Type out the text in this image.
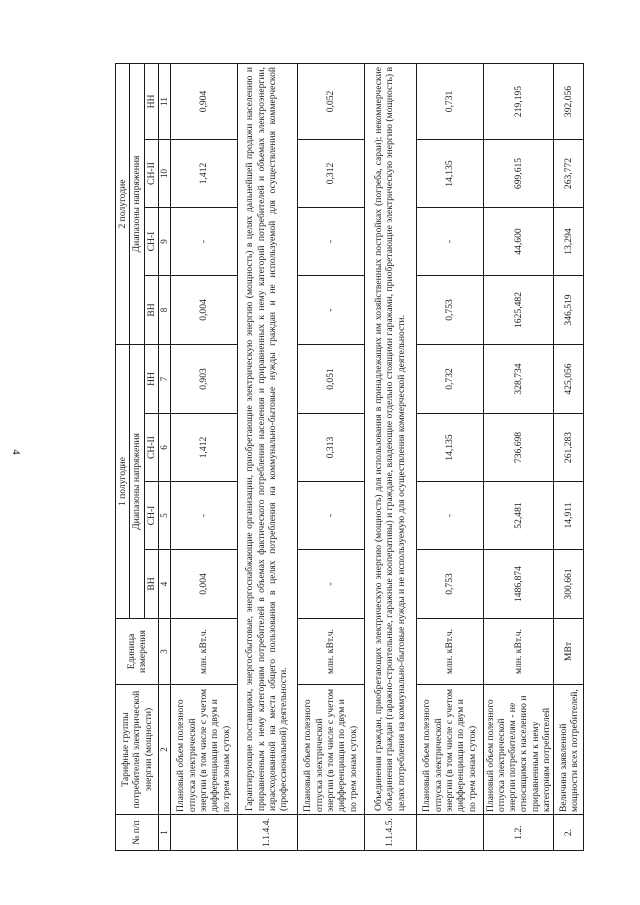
4
№ п/п	Тарифные группы потребителей электрической энергии (мощности)	Единица измерения	1 полугодие				2 полугодие			
			Диапазоны напряжения				Диапазоны напряжения			
			ВН	СН-I	СН-II	НН	ВН	СН-I	СН-II	НН
1	2	3	4	5	6	7	8	9	10	11
	Плановый объем полезного отпуска электрической энергии (в том числе с учетом дифференциации по двум и по трем зонам суток)	млн. кВт.ч.	0,004	-	1,412	0,903	0,004	-	1,412	0,904
1.1.4.4.	Гарантирующие поставщики, энергосбытовые, энергоснабжающие организации, приобретающие электрическую энергию (мощность) в целях дальнейшей продажи населению и приравненным к нему категориям потребителей в объемах фактического потребления населения и приравненных к нему категорий потребителей и объемах электроэнергии, израсходованной на места общего пользования в целях потребления на коммунально-бытовые нужды граждан и не используемой для осуществления коммерческой (профессиональной) деятельности.									
	Плановый объем полезного отпуска электрической энергии (в том числе с учетом дифференциации по двум и по трем зонам суток)	млн. кВт.ч.	-	-	0,313	0,051	-	-	0,312	0,052
1.1.4.5.	Объединения граждан, приобретающих электрическую энергию (мощность) для использования в принадлежащих им хозяйственных постройках (погреба, сараи); некоммерческие объединения граждан (гаражно-строительные, гаражные кооперативы) и граждане, владеющие отдельно стоящими гаражами, приобретающие электрическую энергию (мощность) в целях потребления на коммунально-бытовые нужды и не используемую для осуществления коммерческой деятельности.									
	Плановый объем полезного отпуска электрической энергии (в том числе с учетом дифференциации по двум и по трем зонам суток)	млн. кВт.ч.	0,753	-	14,135	0,732	0,753	-	14,135	0,731
1.2.	Плановый объем полезного отпуска электрической энергии потребителям - не относящимся к населению и приравненным к нему категориям потребителей	млн. кВт.ч.	1486,874	52,481	736,698	328,734	1625,482	44,600	699,615	219,195
2.	Величина заявленной мощности всех потребителей,	МВт	300,661	14,911	261,283	425,056	346,519	13,294	263,772	392,056
